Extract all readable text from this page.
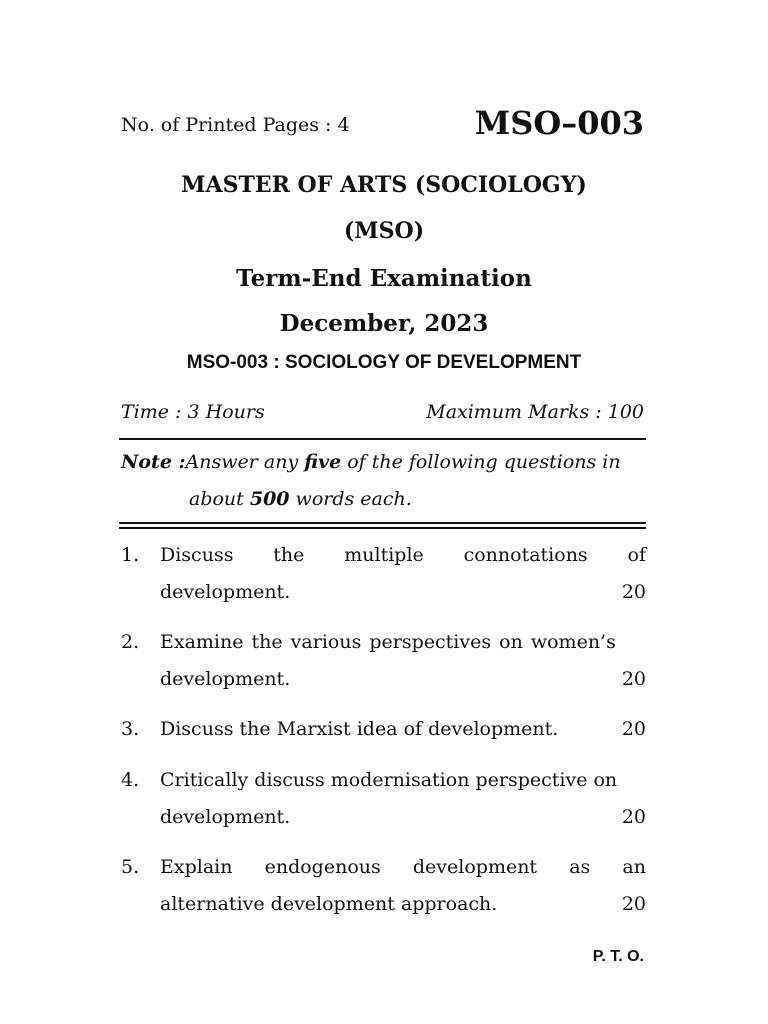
No. of Printed Pages : 4	MSO–003
MASTER OF ARTS (SOCIOLOGY)
(MSO)
Term-End Examination
December, 2023
MSO-003 : SOCIOLOGY OF DEVELOPMENT
Time : 3 Hours	Maximum Marks : 100
Note :Answer any five of the following questions in
about 500 words each.
1. Discuss the multiple connotations of
development.	20
2. Examine the various perspectives on women’s
development.	20
3. Discuss the Marxist idea of development.	20
4. Critically discuss modernisation perspective on
development.	20
5. Explain endogenous development as an
alternative development approach.	20
P. T. O.
